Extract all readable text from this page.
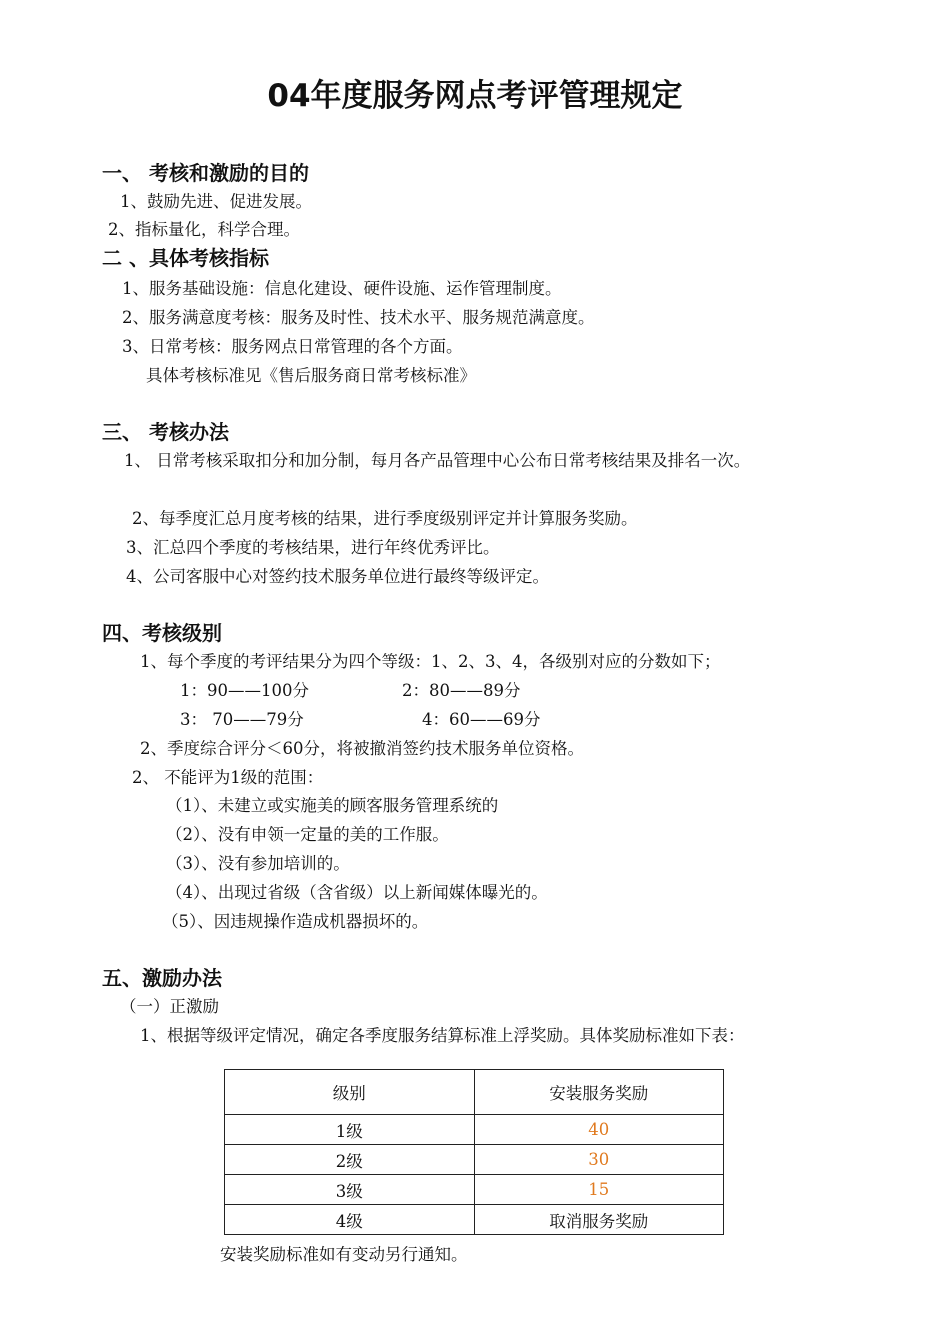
04年度服务网点考评管理规定
一、 考核和激励的目的
1、鼓励先进、促进发展。
2、指标量化，科学合理。
二 、具体考核指标
1、服务基础设施：信息化建设、硬件设施、运作管理制度。
2、服务满意度考核：服务及时性、技术水平、服务规范满意度。
3、日常考核：服务网点日常管理的各个方面。
具体考核标准见《售后服务商日常考核标准》
三、 考核办法
1、 日常考核采取扣分和加分制，每月各产品管理中心公布日常考核结果及排名一次。
2、每季度汇总月度考核的结果，进行季度级别评定并计算服务奖励。
3、汇总四个季度的考核结果，进行年终优秀评比。
4、公司客服中心对签约技术服务单位进行最终等级评定。
四、考核级别
1、每个季度的考评结果分为四个等级：1、2、3、4，各级别对应的分数如下；
1：90——100分	2：80——89分
3： 70——79分	4：60——69分
2、季度综合评分＜60分，将被撤消签约技术服务单位资格。
2、 不能评为1级的范围：
（1）、未建立或实施美的顾客服务管理系统的
（2）、没有申领一定量的美的工作服。
（3）、没有参加培训的。
（4）、出现过省级（含省级）以上新闻媒体曝光的。
（5）、因违规操作造成机器损坏的。
五、激励办法
（一）正激励
1、根据等级评定情况，确定各季度服务结算标准上浮奖励。具体奖励标准如下表：
级别	安装服务奖励
1级	40
2级	30
3级	15
4级	取消服务奖励
安装奖励标准如有变动另行通知。
